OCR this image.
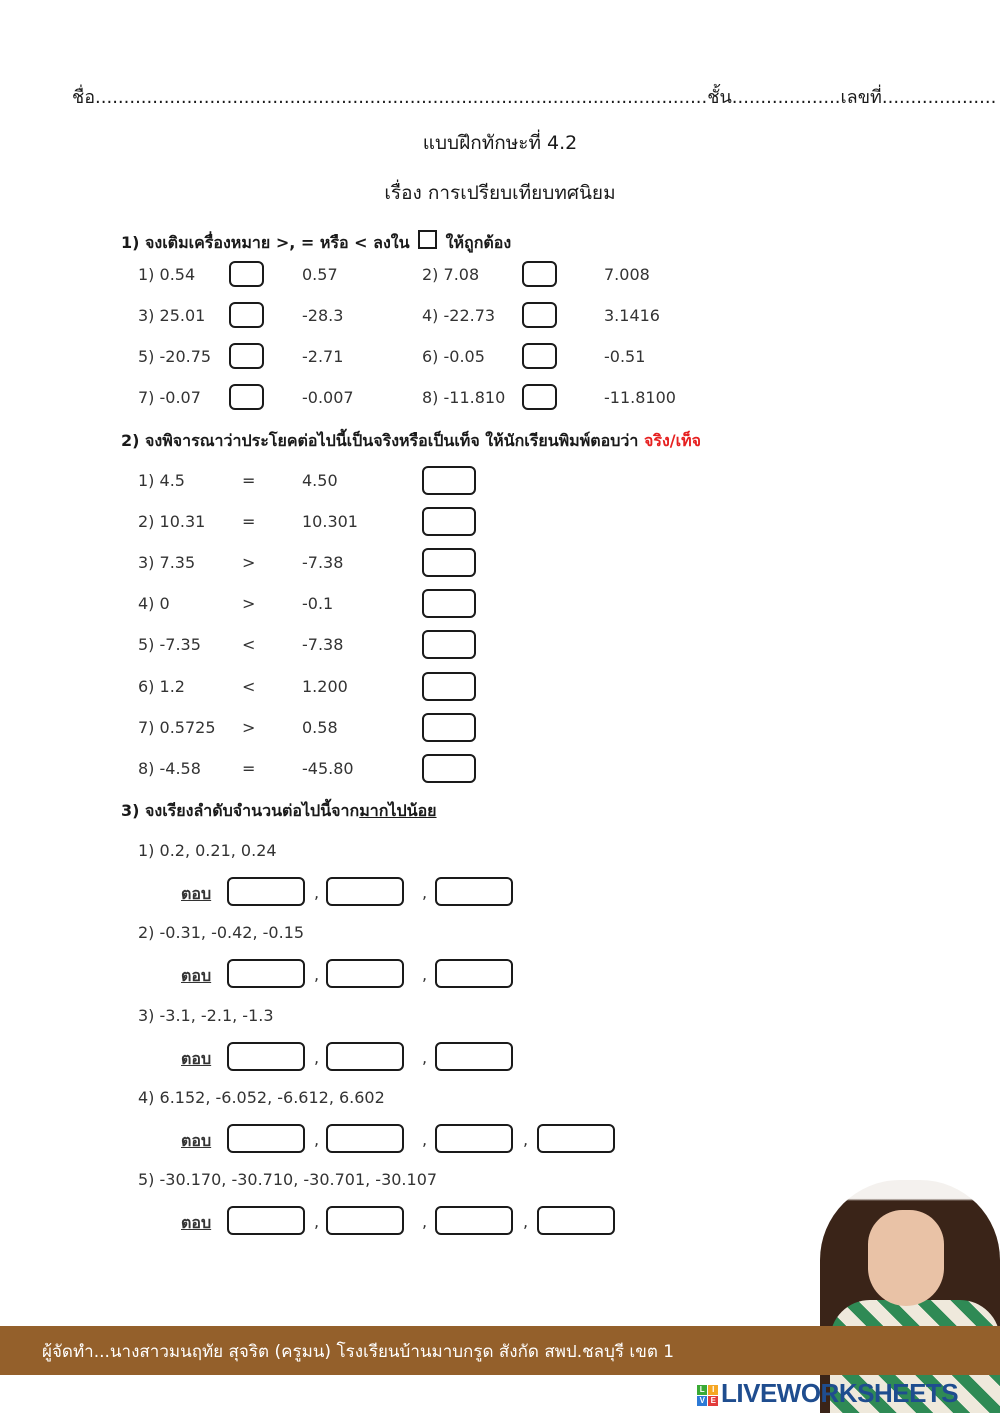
ชื่อ...........................................................................................................ชั้น...................เลขที่....................
แบบฝึกทักษะที่ 4.2
เรื่อง การเปรียบเทียบทศนิยม
1) จงเติมเครื่องหมาย >, = หรือ < ลงใน ให้ถูกต้อง
1) 0.54	0.57	2) 7.08	7.008
3) 25.01	-28.3	4) -22.73	3.1416
5) -20.75	-2.71	6) -0.05	-0.51
7) -0.07	-0.007	8) -11.810	-11.8100
2) จงพิจารณาว่าประโยคต่อไปนี้เป็นจริงหรือเป็นเท็จ ให้นักเรียนพิมพ์ตอบว่า จริง/เท็จ
1) 4.5	=	4.50
2) 10.31 =	10.301
3) 7.35	>	-7.38
4) 0	>	-0.1
5) -7.35	<	-7.38
6) 1.2	<	1.200
7) 0.5725 >	0.58
8) -4.58	=	-45.80
3) จงเรียงลำดับจำนวนต่อไปนี้จากมากไปน้อย
1) 0.2, 0.21, 0.24
ตอบ	,	,
2) -0.31, -0.42, -0.15
ตอบ	,	,
3) -3.1, -2.1, -1.3
ตอบ	,	,
4) 6.152, -6.052, -6.612, 6.602
ตอบ	,	,	,
5) -30.170, -30.710, -30.701, -30.107
ตอบ	,	,	,
ผู้จัดทำ...นางสาวมนฤทัย สุจริต (ครูมน) โรงเรียนบ้านมาบกรูด สังกัด สพป.ชลบุรี เขต 1
L I
V E LIVEWORKSHEETS
